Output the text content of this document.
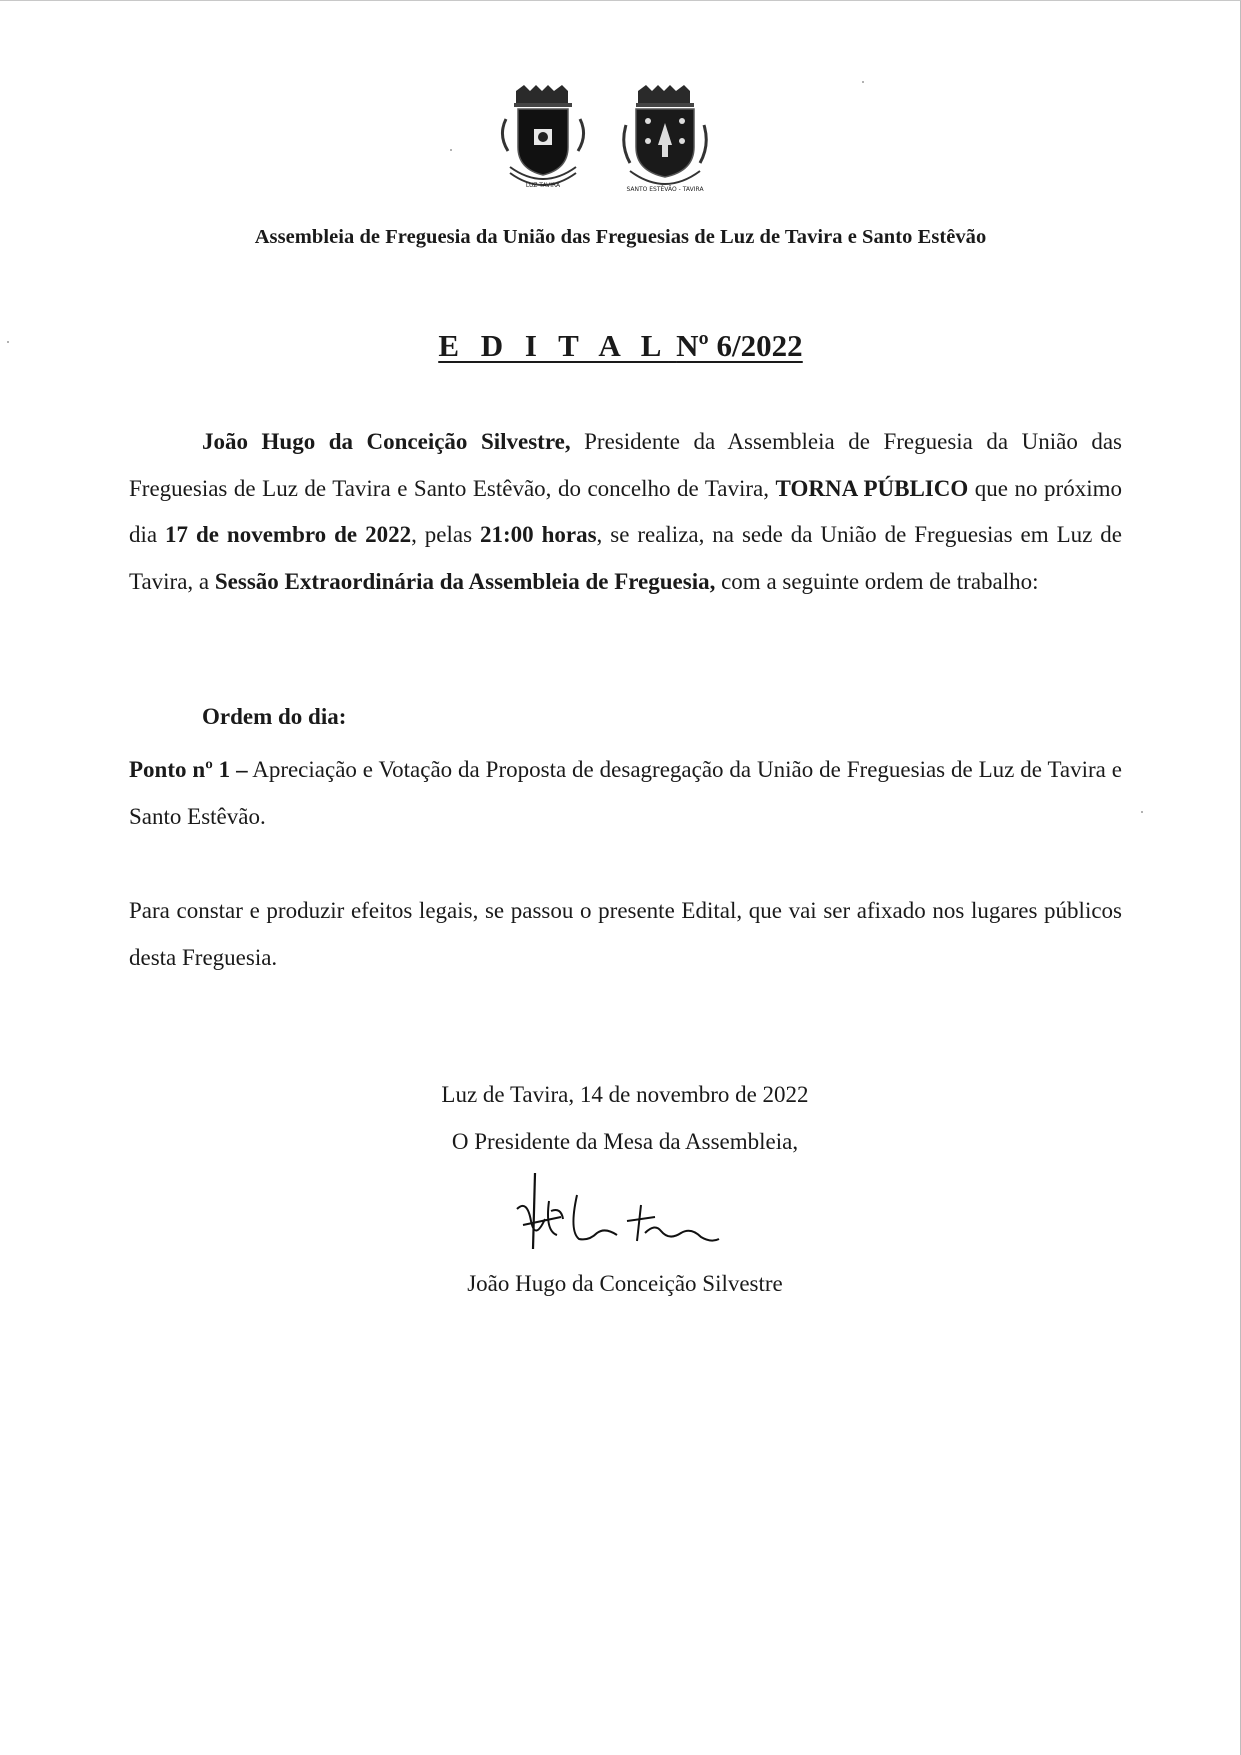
LUZ TAVIRA
SANTO ESTÊVÃO - TAVIRA
Assembleia de Freguesia da União das Freguesias de Luz de Tavira e Santo Estêvão
E D I T A L Nº 6/2022
João Hugo da Conceição Silvestre, Presidente da Assembleia de Freguesia da União das Freguesias de Luz de Tavira e Santo Estêvão, do concelho de Tavira, TORNA PÚBLICO que no próximo dia 17 de novembro de 2022, pelas 21:00 horas, se realiza, na sede da União de Freguesias em Luz de Tavira, a Sessão Extraordinária da Assembleia de Freguesia, com a seguinte ordem de trabalho:
Ordem do dia:
Ponto nº 1 – Apreciação e Votação da Proposta de desagregação da União de Freguesias de Luz de Tavira e Santo Estêvão.
Para constar e produzir efeitos legais, se passou o presente Edital, que vai ser afixado nos lugares públicos desta Freguesia.
Luz de Tavira, 14 de novembro de 2022
O Presidente da Mesa da Assembleia,
João Hugo da Conceição Silvestre
